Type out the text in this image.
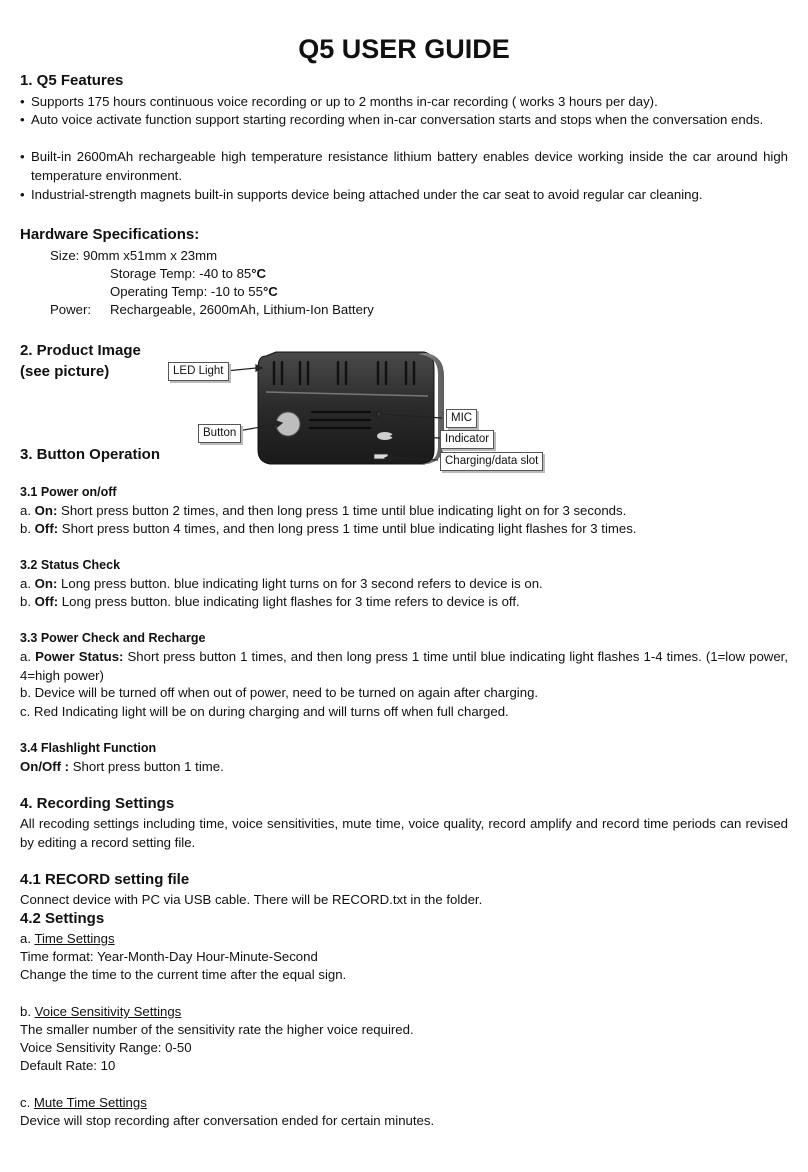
Q5 USER GUIDE
1. Q5 Features

• Supports 175 hours continuous voice recording or up to 2 months in-car recording ( works 3 hours per day).

• Auto voice activate function support starting recording when in-car conversation starts and stops when the conversation ends.

• Built-in 2600mAh rechargeable high temperature resistance lithium battery enables device working inside the car around high temperature environment.

• Industrial-strength magnets built-in supports device being attached under the car seat to avoid regular car cleaning.

Hardware Specifications:

Size: 90mm x51mm x 23mm

Storage Temp: -40 to 85°C

Operating Temp: -10 to 55°C

Power: Rechargeable, 2600mAh, Lithium-Ion Battery

2. Product Image
(see picture)	LED Light
Button
MIC
Indicator
Charging/data slot
3. Button Operation
3.1 Power on/off

a. On: Short press button 2 times, and then long press 1 time until blue indicating light on for 3 seconds.

b. Off: Short press button 4 times, and then long press 1 time until blue indicating light flashes for 3 times.

3.2 Status Check

a. On: Long press button. blue indicating light turns on for 3 second refers to device is on.

b. Off: Long press button. blue indicating light flashes for 3 time refers to device is off.

3.3 Power Check and Recharge

a. Power Status: Short press button 1 times, and then long press 1 time until blue indicating light flashes 1-4 times. (1=low power, 4=high power)

b. Device will be turned off when out of power, need to be turned on again after charging.

c. Red Indicating light will be on during charging and will turns off when full charged.

3.4 Flashlight Function

On/Off : Short press button 1 time.

4. Recording Settings

All recoding settings including time, voice sensitivities, mute time, voice quality, record amplify and record time periods can revised by editing a record setting file.

4.1 RECORD setting file

Connect device with PC via USB cable. There will be RECORD.txt in the folder.

4.2 Settings

a. Time Settings

Time format: Year-Month-Day Hour-Minute-Second

Change the time to the current time after the equal sign.

b. Voice Sensitivity Settings

The smaller number of the sensitivity rate the higher voice required.

Voice Sensitivity Range: 0-50

Default Rate: 10

c. Mute Time Settings

Device will stop recording after conversation ended for certain minutes.
